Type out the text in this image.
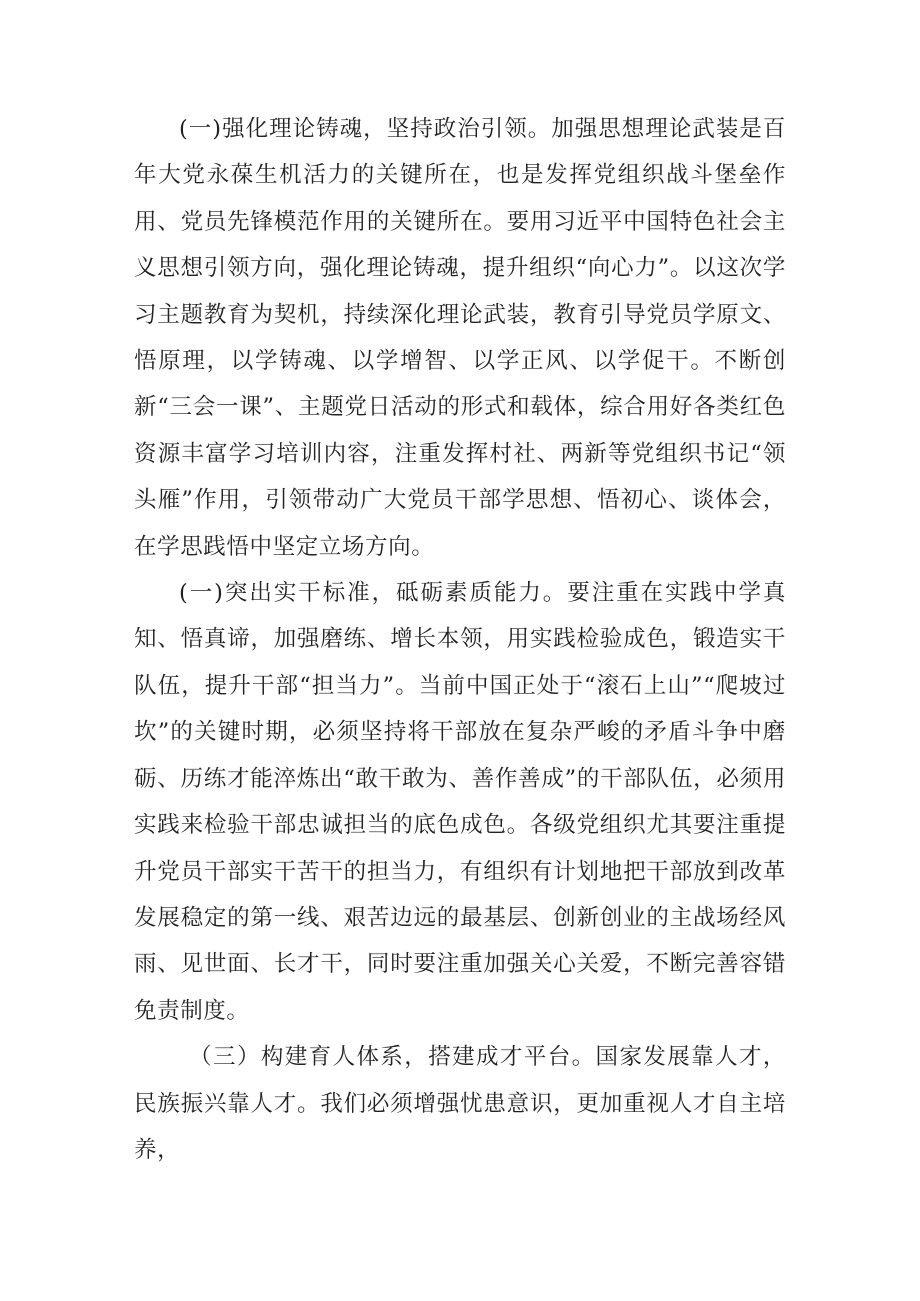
(一)强化理论铸魂，坚持政治引领。加强思想理论武装是百年大党永葆生机活力的关键所在，也是发挥党组织战斗堡垒作用、党员先锋模范作用的关键所在。要用习近平中国特色社会主义思想引领方向，强化理论铸魂，提升组织“向心力”。以这次学习主题教育为契机，持续深化理论武装，教育引导党员学原文、悟原理，以学铸魂、以学增智、以学正风、以学促干。不断创新“三会一课”、主题党日活动的形式和载体，综合用好各类红色资源丰富学习培训内容，注重发挥村社、两新等党组织书记“领头雁”作用，引领带动广大党员干部学思想、悟初心、谈体会，在学思践悟中坚定立场方向。

(一)突出实干标准，砥砺素质能力。要注重在实践中学真知、悟真谛，加强磨练、增长本领，用实践检验成色，锻造实干队伍，提升干部“担当力”。当前中国正处于“滚石上山”“爬坡过坎”的关键时期，必须坚持将干部放在复杂严峻的矛盾斗争中磨砺、历练才能淬炼出“敢干敢为、善作善成”的干部队伍，必须用实践来检验干部忠诚担当的底色成色。各级党组织尤其要注重提升党员干部实干苦干的担当力，有组织有计划地把干部放到改革发展稳定的第一线、艰苦边远的最基层、创新创业的主战场经风雨、见世面、长才干，同时要注重加强关心关爱，不断完善容错免责制度。

（三）构建育人体系，搭建成才平台。国家发展靠人才，民族振兴靠人才。我们必须增强忧患意识，更加重视人才自主培养，
